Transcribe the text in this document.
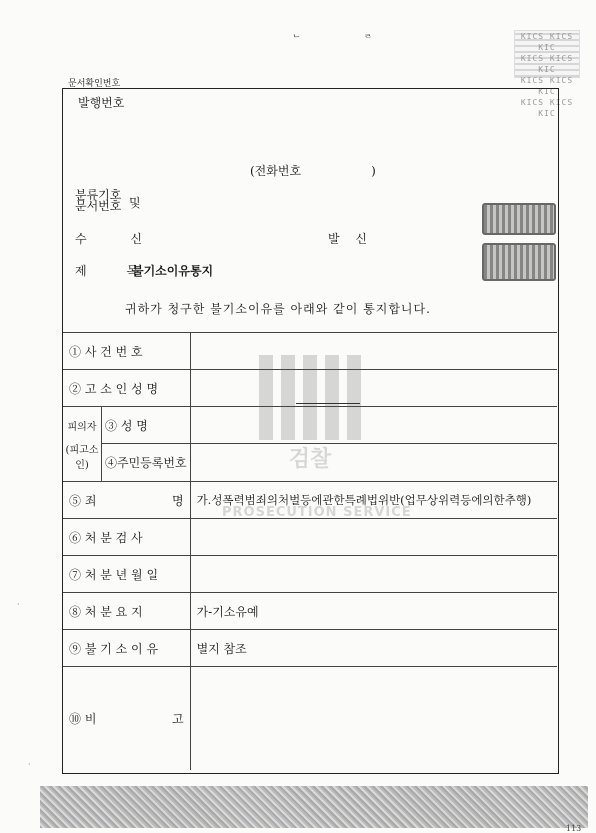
ᄂ ᄅ	KICS KICS KIC
KICS KICS KIC
KICS KICS KIC
KICS KICS KIC
문서확인번호
발행번호
(전화번호	)
분류기호
문서번호 및
수 신	발 신
제 목
불기소이유통지
귀하가 청구한 불기소이유를 아래와 같이 통지합니다.
① 사 건 번 호		
② 고 소 인 성 명		

피의자
(피고소인)	③ 성 명	
	④주민등록번호	
⑤ 죄 명		가.성폭력범죄의처벌등에관한특례법위반(업무상위력등에의한추행)
⑥ 처 분 검 사		
⑦ 처 분 년 월 일		
⑧ 처 분 요 지		가-기소유예
⑨ 불 기 소 이 유		별지 참조
⑩ 비 고		

검찰
PROSECUTION SERVICE
·
·
113
